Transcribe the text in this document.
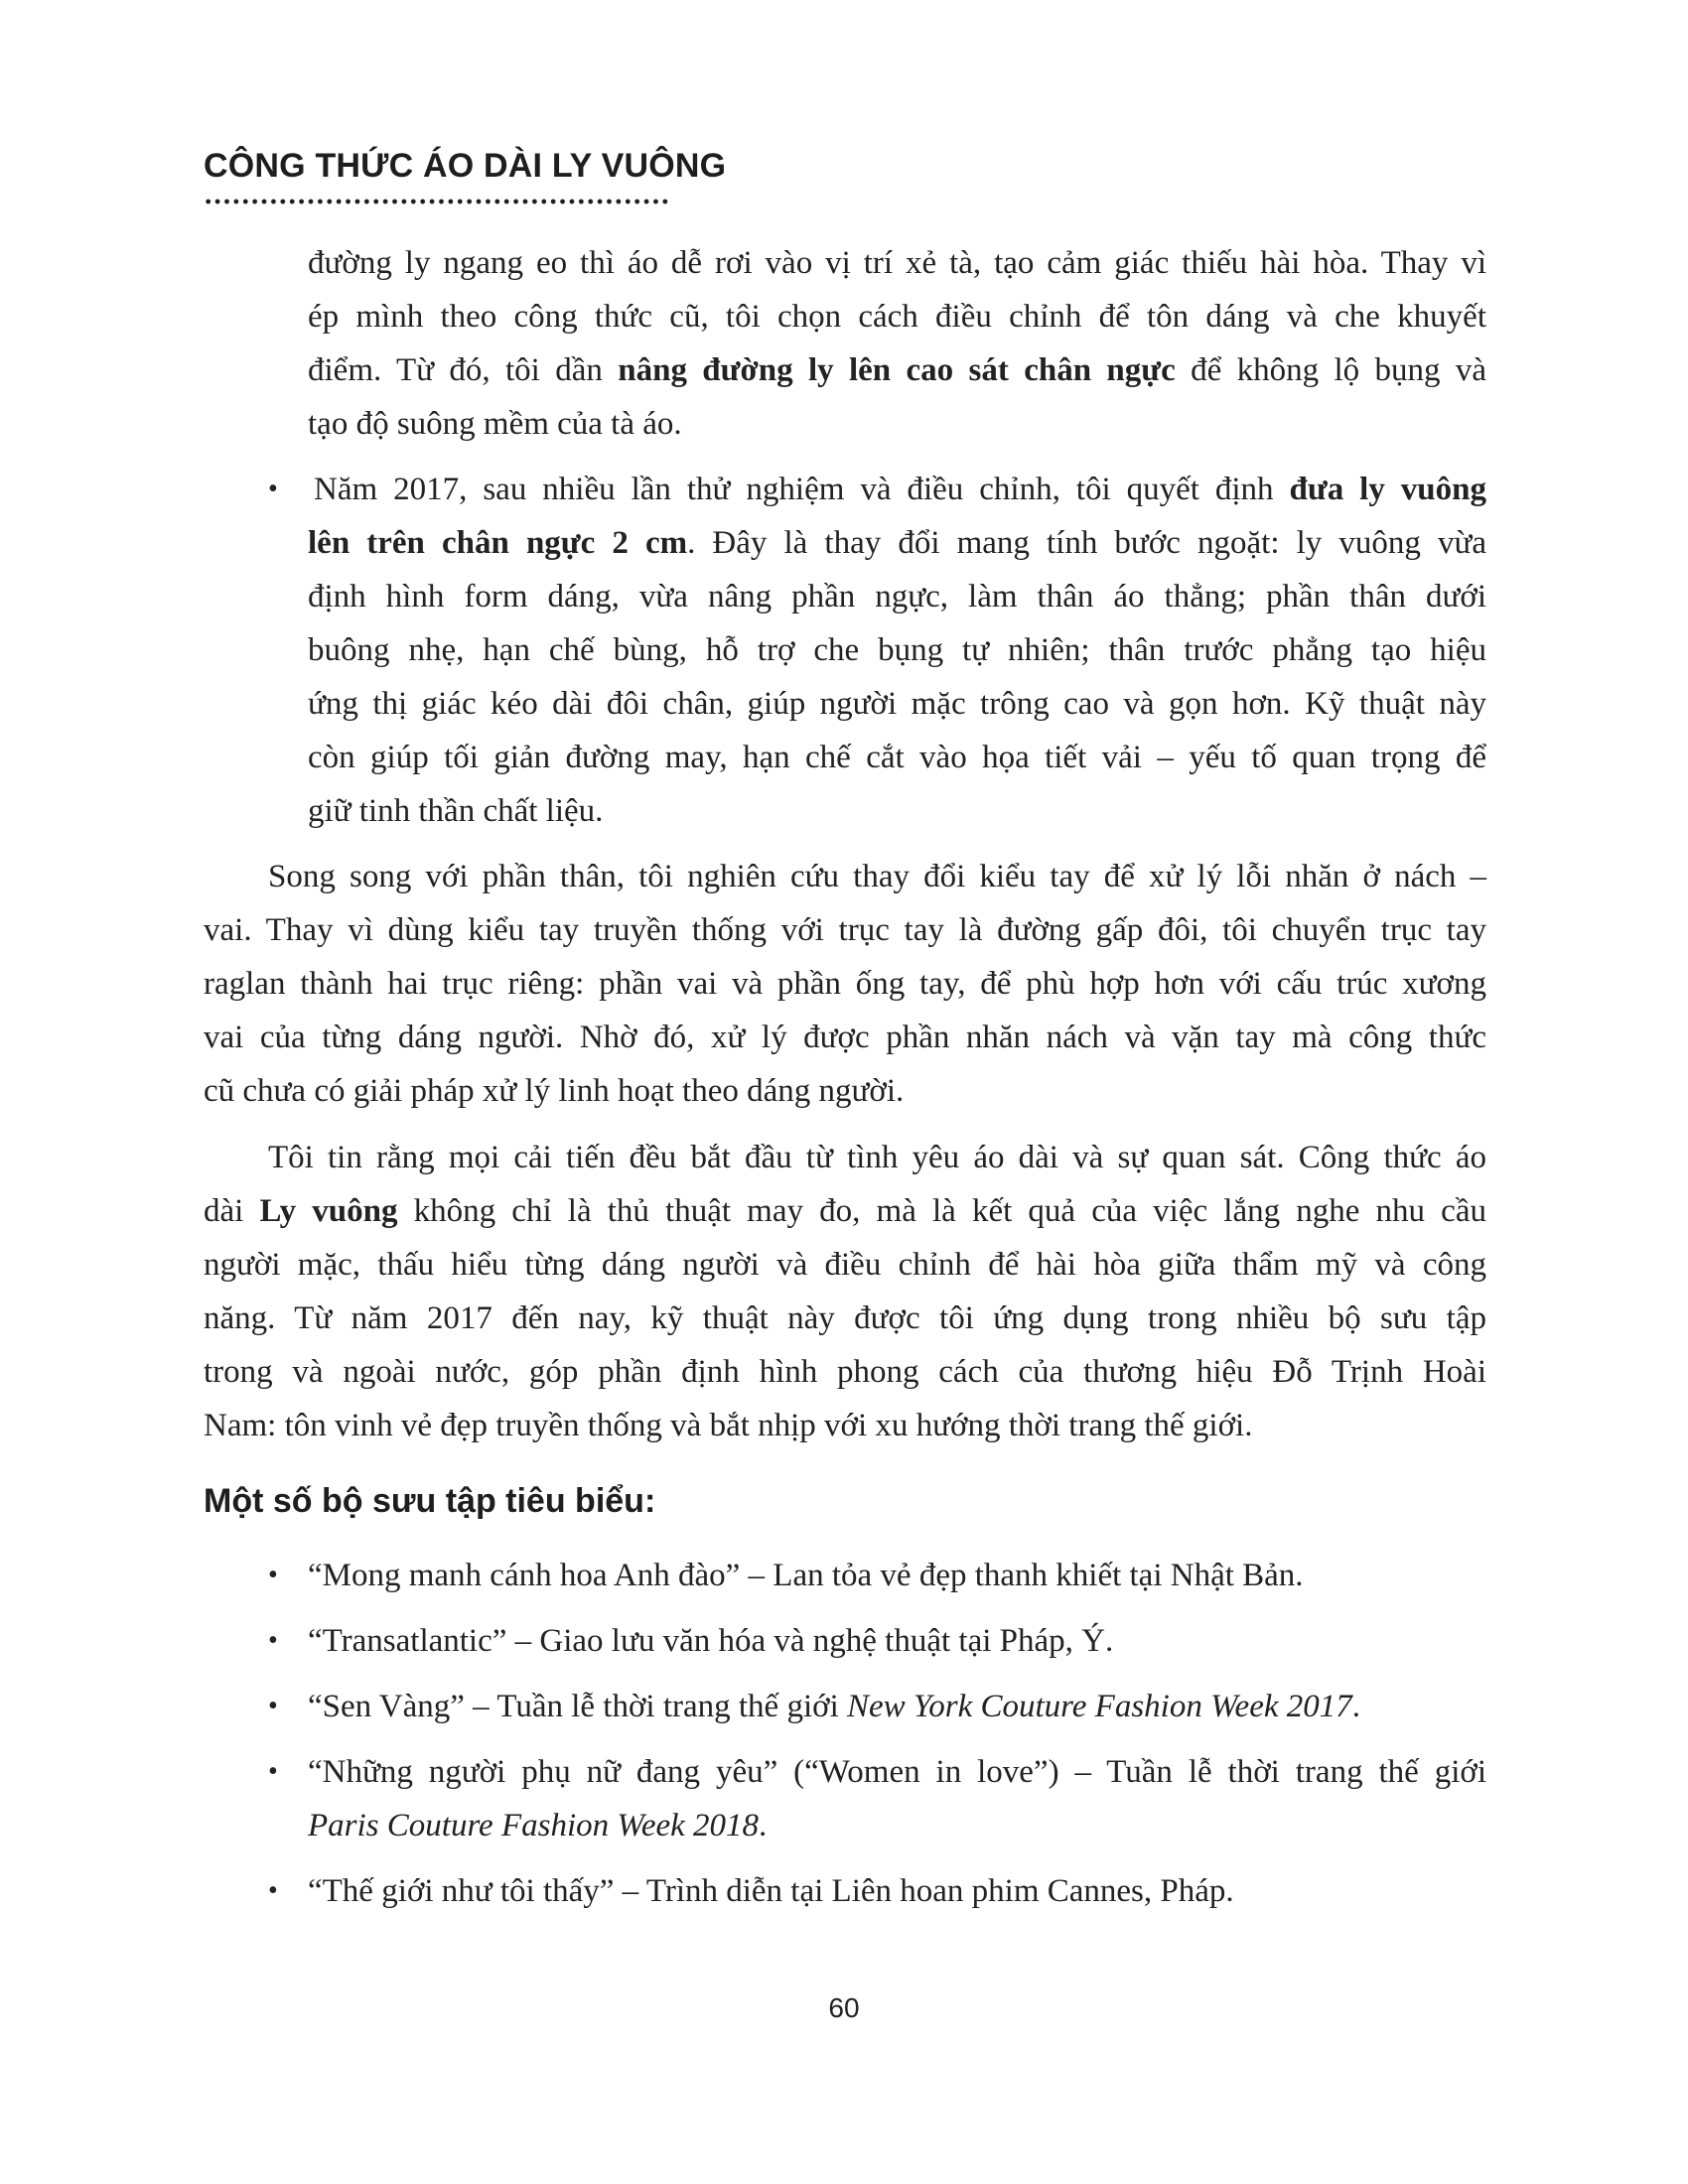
CÔNG THỨC ÁO DÀI LY VUÔNG
đường ly ngang eo thì áo dễ rơi vào vị trí xẻ tà, tạo cảm giác thiếu hài hòa. Thay vì
ép mình theo công thức cũ, tôi chọn cách điều chỉnh để tôn dáng và che khuyết
điểm. Từ đó, tôi dần nâng đường ly lên cao sát chân ngực để không lộ bụng và
tạo độ suông mềm của tà áo.
• Năm 2017, sau nhiều lần thử nghiệm và điều chỉnh, tôi quyết định đưa ly vuông
lên trên chân ngực 2 cm. Đây là thay đổi mang tính bước ngoặt: ly vuông vừa
định hình form dáng, vừa nâng phần ngực, làm thân áo thẳng; phần thân dưới
buông nhẹ, hạn chế bùng, hỗ trợ che bụng tự nhiên; thân trước phẳng tạo hiệu
ứng thị giác kéo dài đôi chân, giúp người mặc trông cao và gọn hơn. Kỹ thuật này
còn giúp tối giản đường may, hạn chế cắt vào họa tiết vải – yếu tố quan trọng để
giữ tinh thần chất liệu.
Song song với phần thân, tôi nghiên cứu thay đổi kiểu tay để xử lý lỗi nhăn ở nách –
vai. Thay vì dùng kiểu tay truyền thống với trục tay là đường gấp đôi, tôi chuyển trục tay
raglan thành hai trục riêng: phần vai và phần ống tay, để phù hợp hơn với cấu trúc xương
vai của từng dáng người. Nhờ đó, xử lý được phần nhăn nách và vặn tay mà công thức
cũ chưa có giải pháp xử lý linh hoạt theo dáng người.
Tôi tin rằng mọi cải tiến đều bắt đầu từ tình yêu áo dài và sự quan sát. Công thức áo
dài Ly vuông không chỉ là thủ thuật may đo, mà là kết quả của việc lắng nghe nhu cầu
người mặc, thấu hiểu từng dáng người và điều chỉnh để hài hòa giữa thẩm mỹ và công
năng. Từ năm 2017 đến nay, kỹ thuật này được tôi ứng dụng trong nhiều bộ sưu tập
trong và ngoài nước, góp phần định hình phong cách của thương hiệu Đỗ Trịnh Hoài
Nam: tôn vinh vẻ đẹp truyền thống và bắt nhịp với xu hướng thời trang thế giới.
• “Mong manh cánh hoa Anh đào” – Lan tỏa vẻ đẹp thanh khiết tại Nhật Bản.
• “Transatlantic” – Giao lưu văn hóa và nghệ thuật tại Pháp, Ý.
• “Sen Vàng” – Tuần lễ thời trang thế giới New York Couture Fashion Week 2017.
• “Những người phụ nữ đang yêu” (“Women in love”) – Tuần lễ thời trang thế giới
Paris Couture Fashion Week 2018.
• “Thế giới như tôi thấy” – Trình diễn tại Liên hoan phim Cannes, Pháp.
Một số bộ sưu tập tiêu biểu:
60
